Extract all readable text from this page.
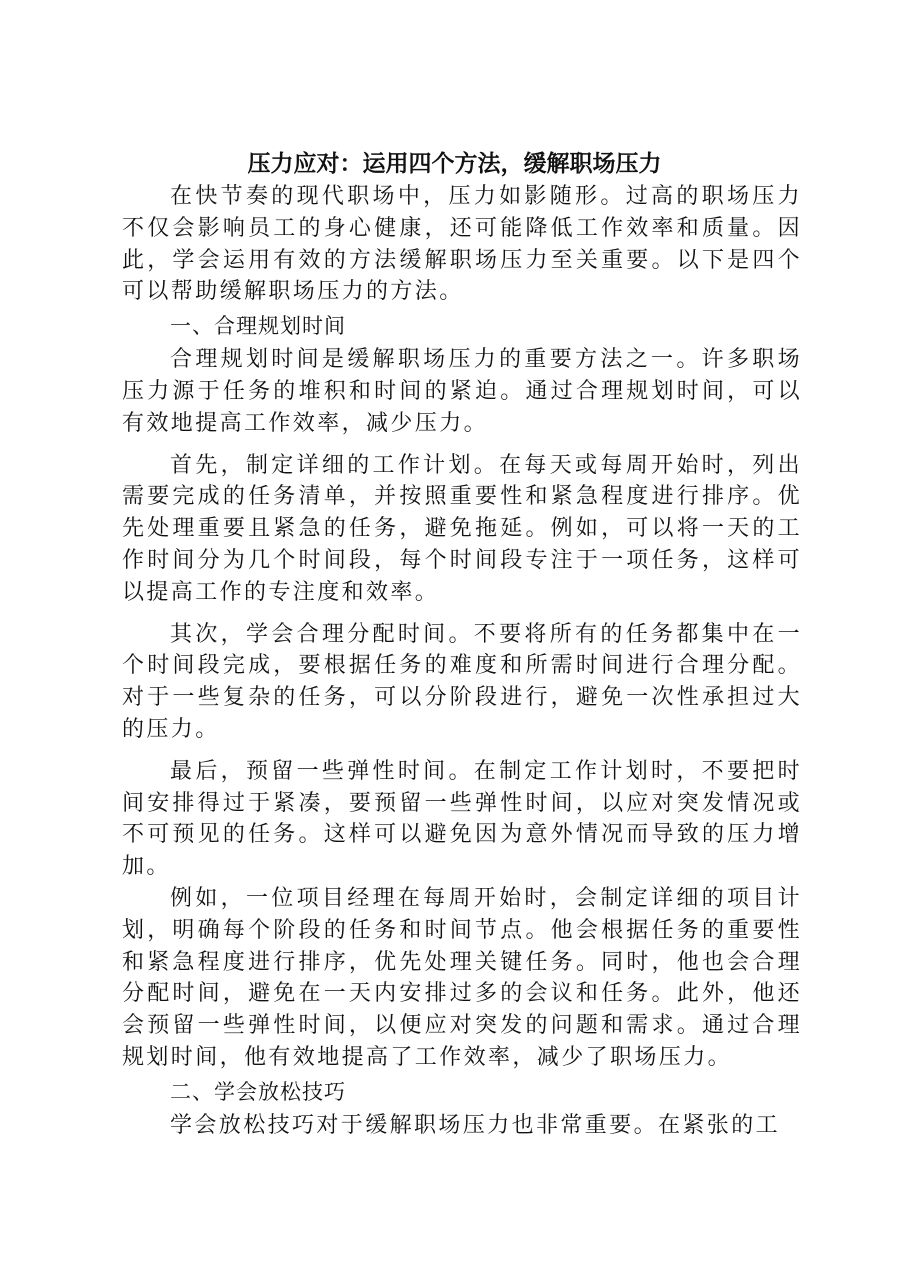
压力应对：运用四个方法，缓解职场压力

在快节奏的现代职场中，压力如影随形。过高的职场压力不仅会影响员工的身心健康，还可能降低工作效率和质量。因此，学会运用有效的方法缓解职场压力至关重要。以下是四个可以帮助缓解职场压力的方法。

一、合理规划时间

合理规划时间是缓解职场压力的重要方法之一。许多职场压力源于任务的堆积和时间的紧迫。通过合理规划时间，可以有效地提高工作效率，减少压力。

首先，制定详细的工作计划。在每天或每周开始时，列出需要完成的任务清单，并按照重要性和紧急程度进行排序。优先处理重要且紧急的任务，避免拖延。例如，可以将一天的工作时间分为几个时间段，每个时间段专注于一项任务，这样可以提高工作的专注度和效率。

其次，学会合理分配时间。不要将所有的任务都集中在一个时间段完成，要根据任务的难度和所需时间进行合理分配。对于一些复杂的任务，可以分阶段进行，避免一次性承担过大的压力。

最后，预留一些弹性时间。在制定工作计划时，不要把时间安排得过于紧凑，要预留一些弹性时间，以应对突发情况或不可预见的任务。这样可以避免因为意外情况而导致的压力增加。

例如，一位项目经理在每周开始时，会制定详细的项目计划，明确每个阶段的任务和时间节点。他会根据任务的重要性和紧急程度进行排序，优先处理关键任务。同时，他也会合理分配时间，避免在一天内安排过多的会议和任务。此外，他还会预留一些弹性时间，以便应对突发的问题和需求。通过合理规划时间，他有效地提高了工作效率，减少了职场压力。

二、学会放松技巧

学会放松技巧对于缓解职场压力也非常重要。在紧张的工
